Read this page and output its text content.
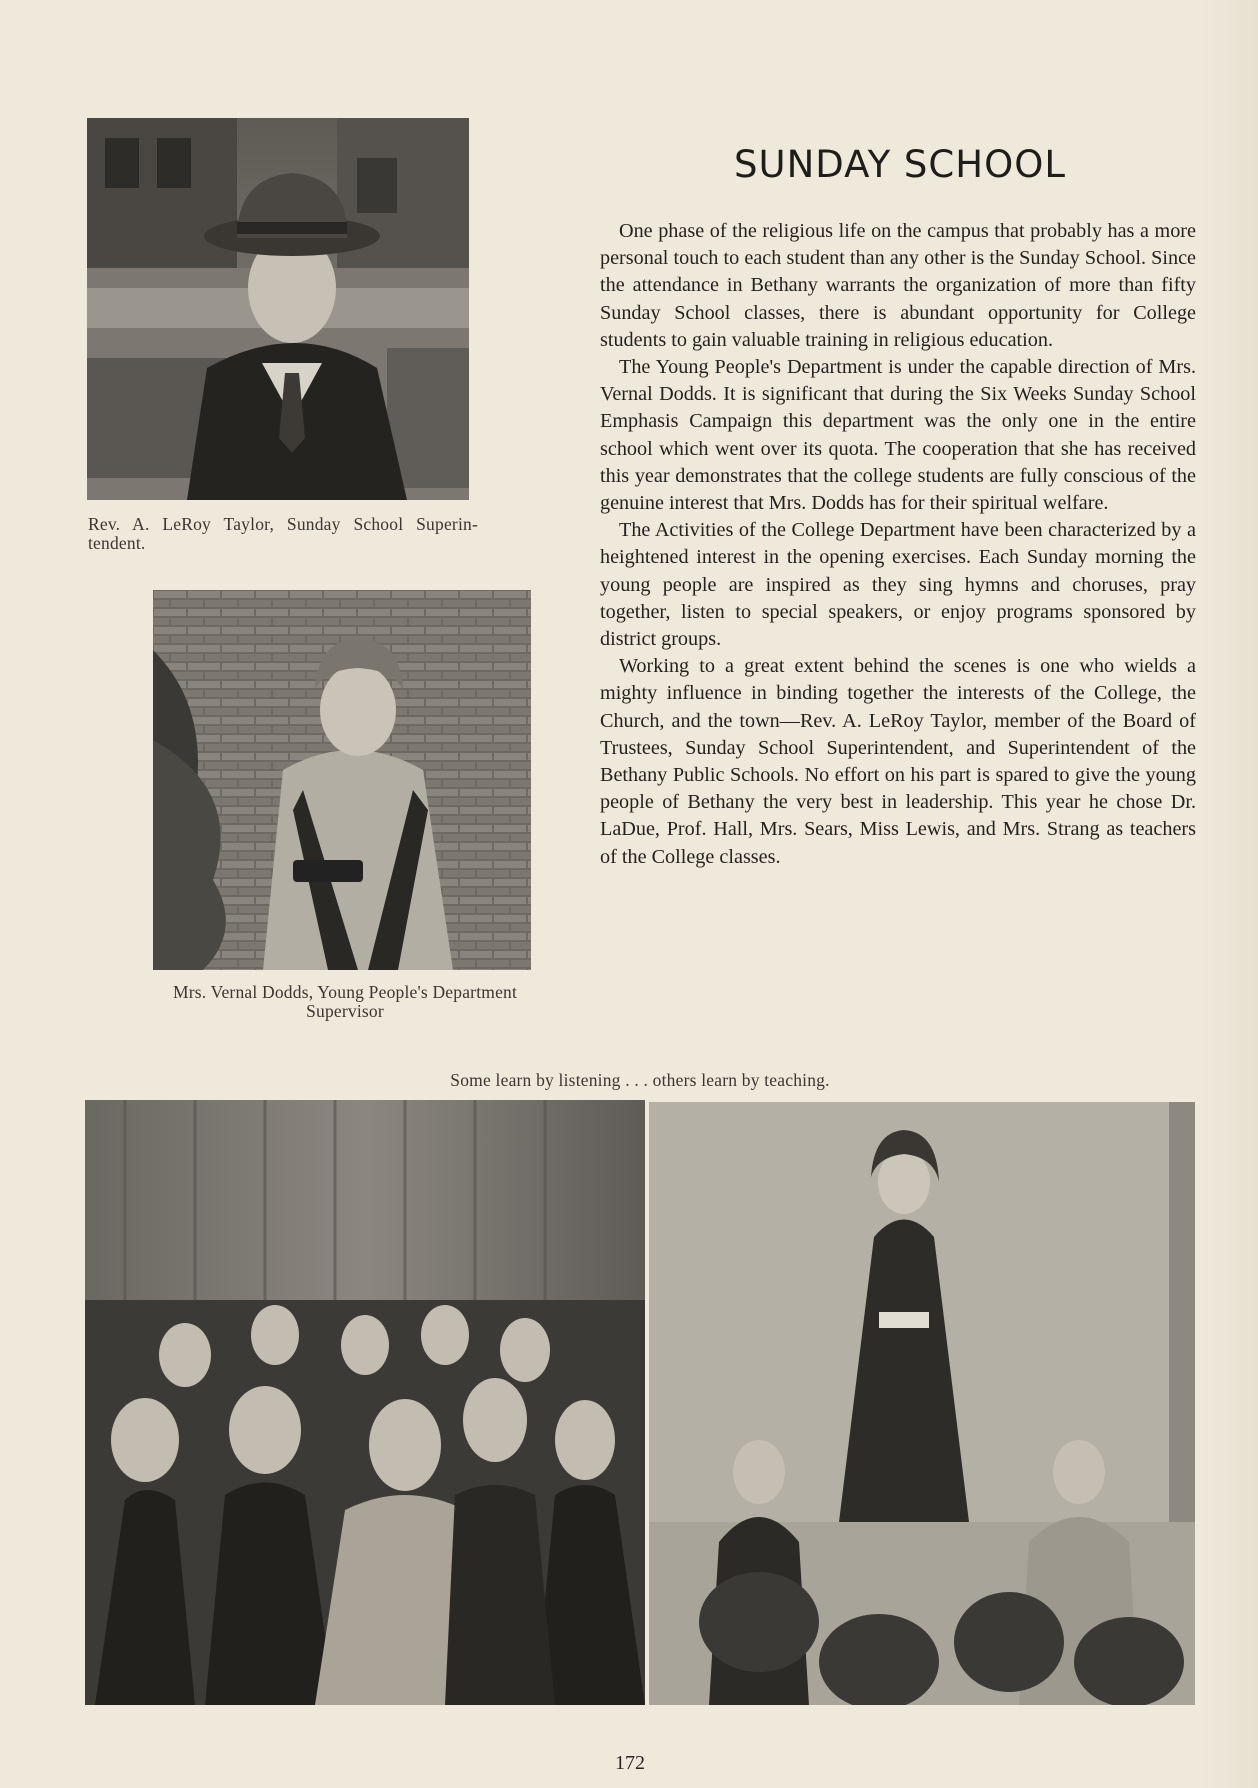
Rev. A. LeRoy Taylor, Sunday School Superin-tendent.
Mrs. Vernal Dodds, Young People's Department Supervisor
SUNDAY SCHOOL

One phase of the religious life on the campus that probably has a more personal touch to each student than any other is the Sunday School. Since the attendance in Bethany warrants the organization of more than fifty Sunday School classes, there is abundant opportunity for College students to gain valuable training in religious education.

The Young People's Department is under the capable direction of Mrs. Vernal Dodds. It is significant that during the Six Weeks Sunday School Emphasis Campaign this department was the only one in the entire school which went over its quota. The cooperation that she has received this year demonstrates that the college students are fully conscious of the genuine interest that Mrs. Dodds has for their spiritual welfare.

The Activities of the College Department have been characterized by a heightened interest in the opening exercises. Each Sunday morning the young people are inspired as they sing hymns and choruses, pray together, listen to special speakers, or enjoy programs sponsored by district groups.

Working to a great extent behind the scenes is one who wields a mighty influence in binding together the interests of the College, the Church, and the town—Rev. A. LeRoy Taylor, member of the Board of Trustees, Sunday School Superintendent, and Superintendent of the Bethany Public Schools. No effort on his part is spared to give the young people of Bethany the very best in leadership. This year he chose Dr. LaDue, Prof. Hall, Mrs. Sears, Miss Lewis, and Mrs. Strang as teachers of the College classes.

Some learn by listening . . . others learn by teaching.
172
